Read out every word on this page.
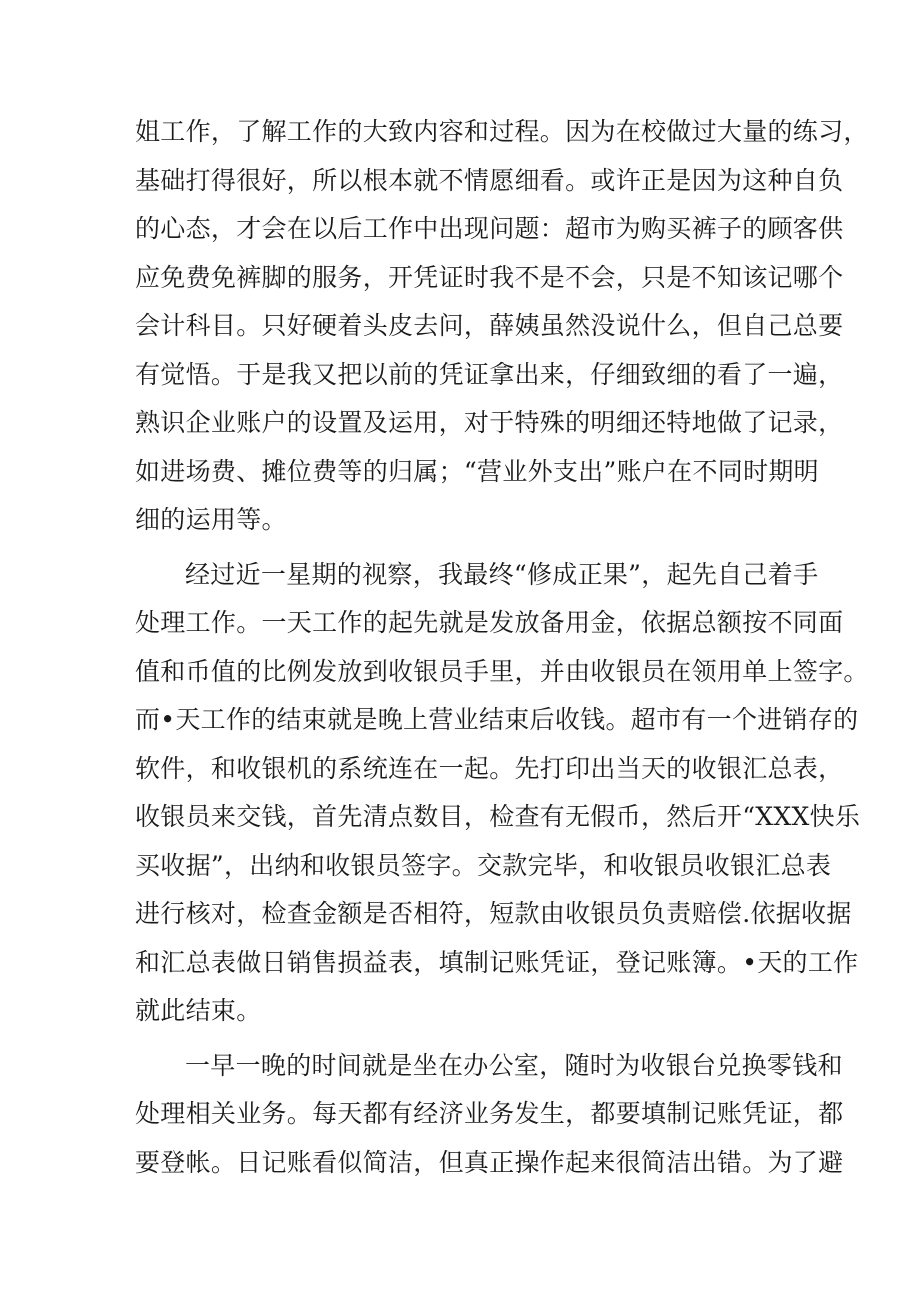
姐工作，了解工作的大致内容和过程。因为在校做过大量的练习，
基础打得很好，所以根本就不情愿细看。或许正是因为这种自负
的心态，才会在以后工作中出现问题：超市为购买裤子的顾客供
应免费免裤脚的服务，开凭证时我不是不会，只是不知该记哪个
会计科目。只好硬着头皮去问，薛姨虽然没说什么，但自己总要
有觉悟。于是我又把以前的凭证拿出来，仔细致细的看了一遍，
熟识企业账户的设置及运用，对于特殊的明细还特地做了记录，
如进场费、摊位费等的归属；“营业外支出”账户在不同时期明
细的运用等。
经过近一星期的视察，我最终“修成正果”，起先自己着手
处理工作。一天工作的起先就是发放备用金，依据总额按不同面
值和币值的比例发放到收银员手里，并由收银员在领用单上签字。
而•天工作的结束就是晚上营业结束后收钱。超市有一个进销存的
软件，和收银机的系统连在一起。先打印出当天的收银汇总表，
收银员来交钱，首先清点数目，检查有无假币，然后开“XXX快乐
买收据”，出纳和收银员签字。交款完毕，和收银员收银汇总表
进行核对，检查金额是否相符，短款由收银员负责赔偿.依据收据
和汇总表做日销售损益表，填制记账凭证，登记账簿。•天的工作
就此结束。
一早一晚的时间就是坐在办公室，随时为收银台兑换零钱和
处理相关业务。每天都有经济业务发生，都要填制记账凭证，都
要登帐。日记账看似简洁，但真正操作起来很简洁出错。为了避
